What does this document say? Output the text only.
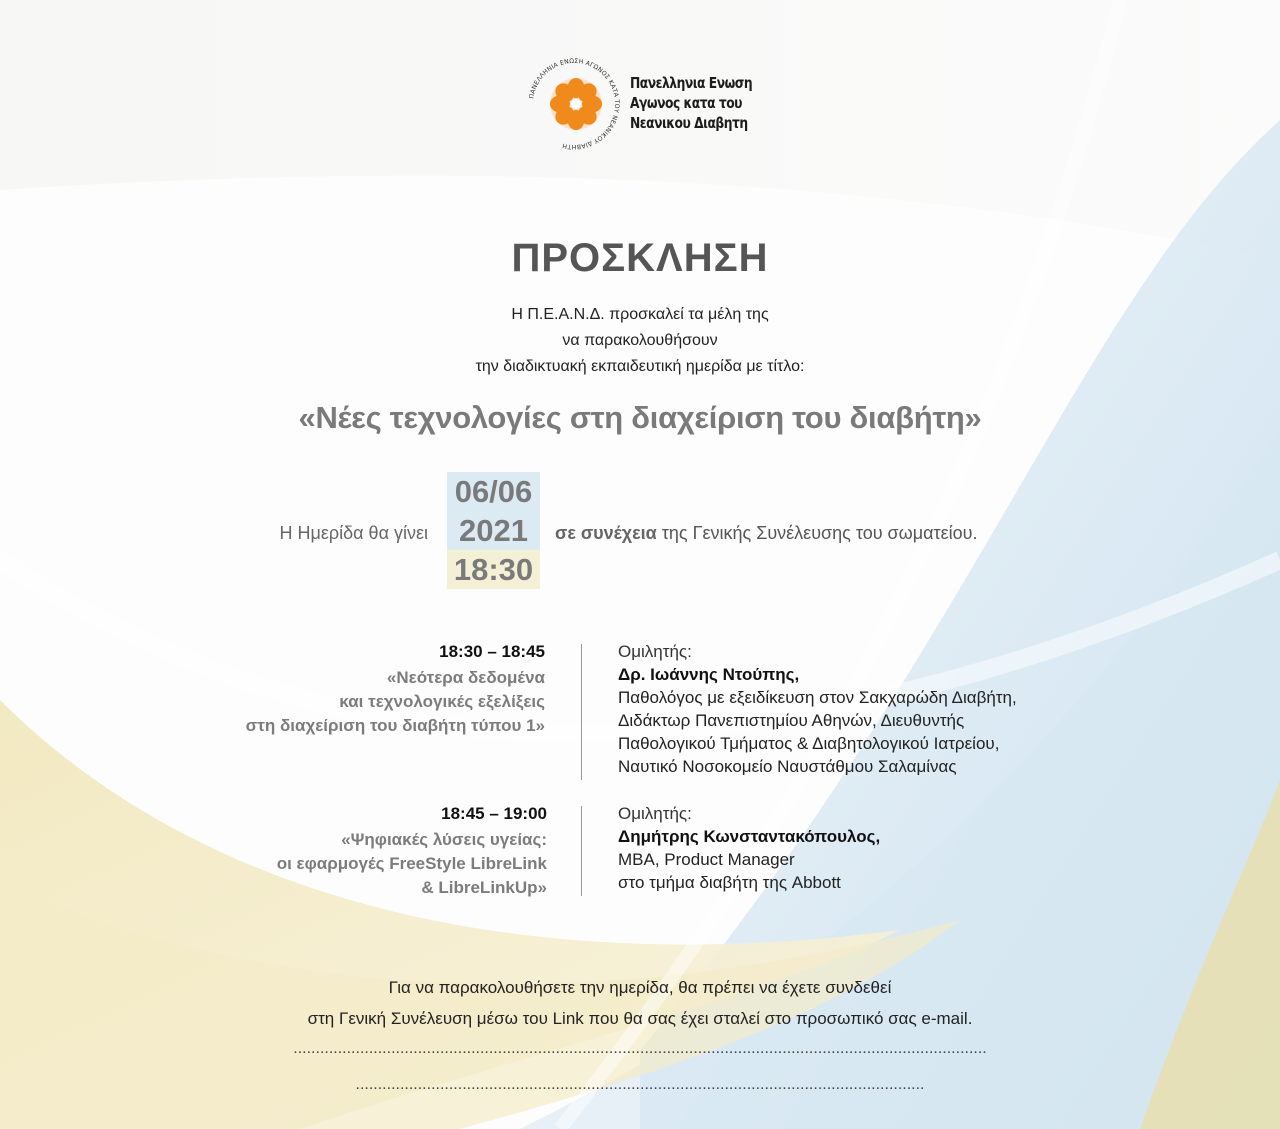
ΠΑΝΕΛΛΗΝΙΑ ΕΝΩΣΗ ΑΓΩΝΟΣ ΚΑΤΑ ΤΟΥ ΝΕΑΝΙΚΟΥ ΔΙΑΒΗΤΗ
Πανελληνια Ενωση
Αγωνος κατα του
Νεανικου Διαβητη
ΠΡΟΣΚΛΗΣΗ
Η Π.Ε.Α.Ν.Δ. προσκαλεί τα μέλη της
να παρακολουθήσουν
την διαδικτυακή εκπαιδευτική ημερίδα με τίτλο:
«Νέες τεχνολογίες στη διαχείριση του διαβήτη»
Η Ημερίδα θα γίνει
06/06
2021
18:30
σε συνέχεια της Γενικής Συνέλευσης του σωματείου.
18:30 – 18:45
«Νεότερα δεδομένα
και τεχνολογικές εξελίξεις
στη διαχείριση του διαβήτη τύπου 1»
Ομιλητής:
Δρ. Ιωάννης Ντούπης,
Παθολόγος με εξειδίκευση στον Σακχαρώδη Διαβήτη,
Διδάκτωρ Πανεπιστημίου Αθηνών, Διευθυντής
Παθολογικού Τμήματος & Διαβητολογικού Ιατρείου,
Ναυτικό Νοσοκομείο Ναυστάθμου Σαλαμίνας
18:45 – 19:00
«Ψηφιακές λύσεις υγείας:
οι εφαρμογές FreeStyle LibreLink
& LibreLinkUp»
Ομιλητής:
Δημήτρης Κωνσταντακόπουλος,
MBA, Product Manager
στο τμήμα διαβήτη της Abbott
Για να παρακολουθήσετε την ημερίδα, θα πρέπει να έχετε συνδεθεί
στη Γενική Συνέλευση μέσω του Link που θα σας έχει σταλεί στο προσωπικό σας e-mail.
............................................................................................................................................................
................................................................................................................................
